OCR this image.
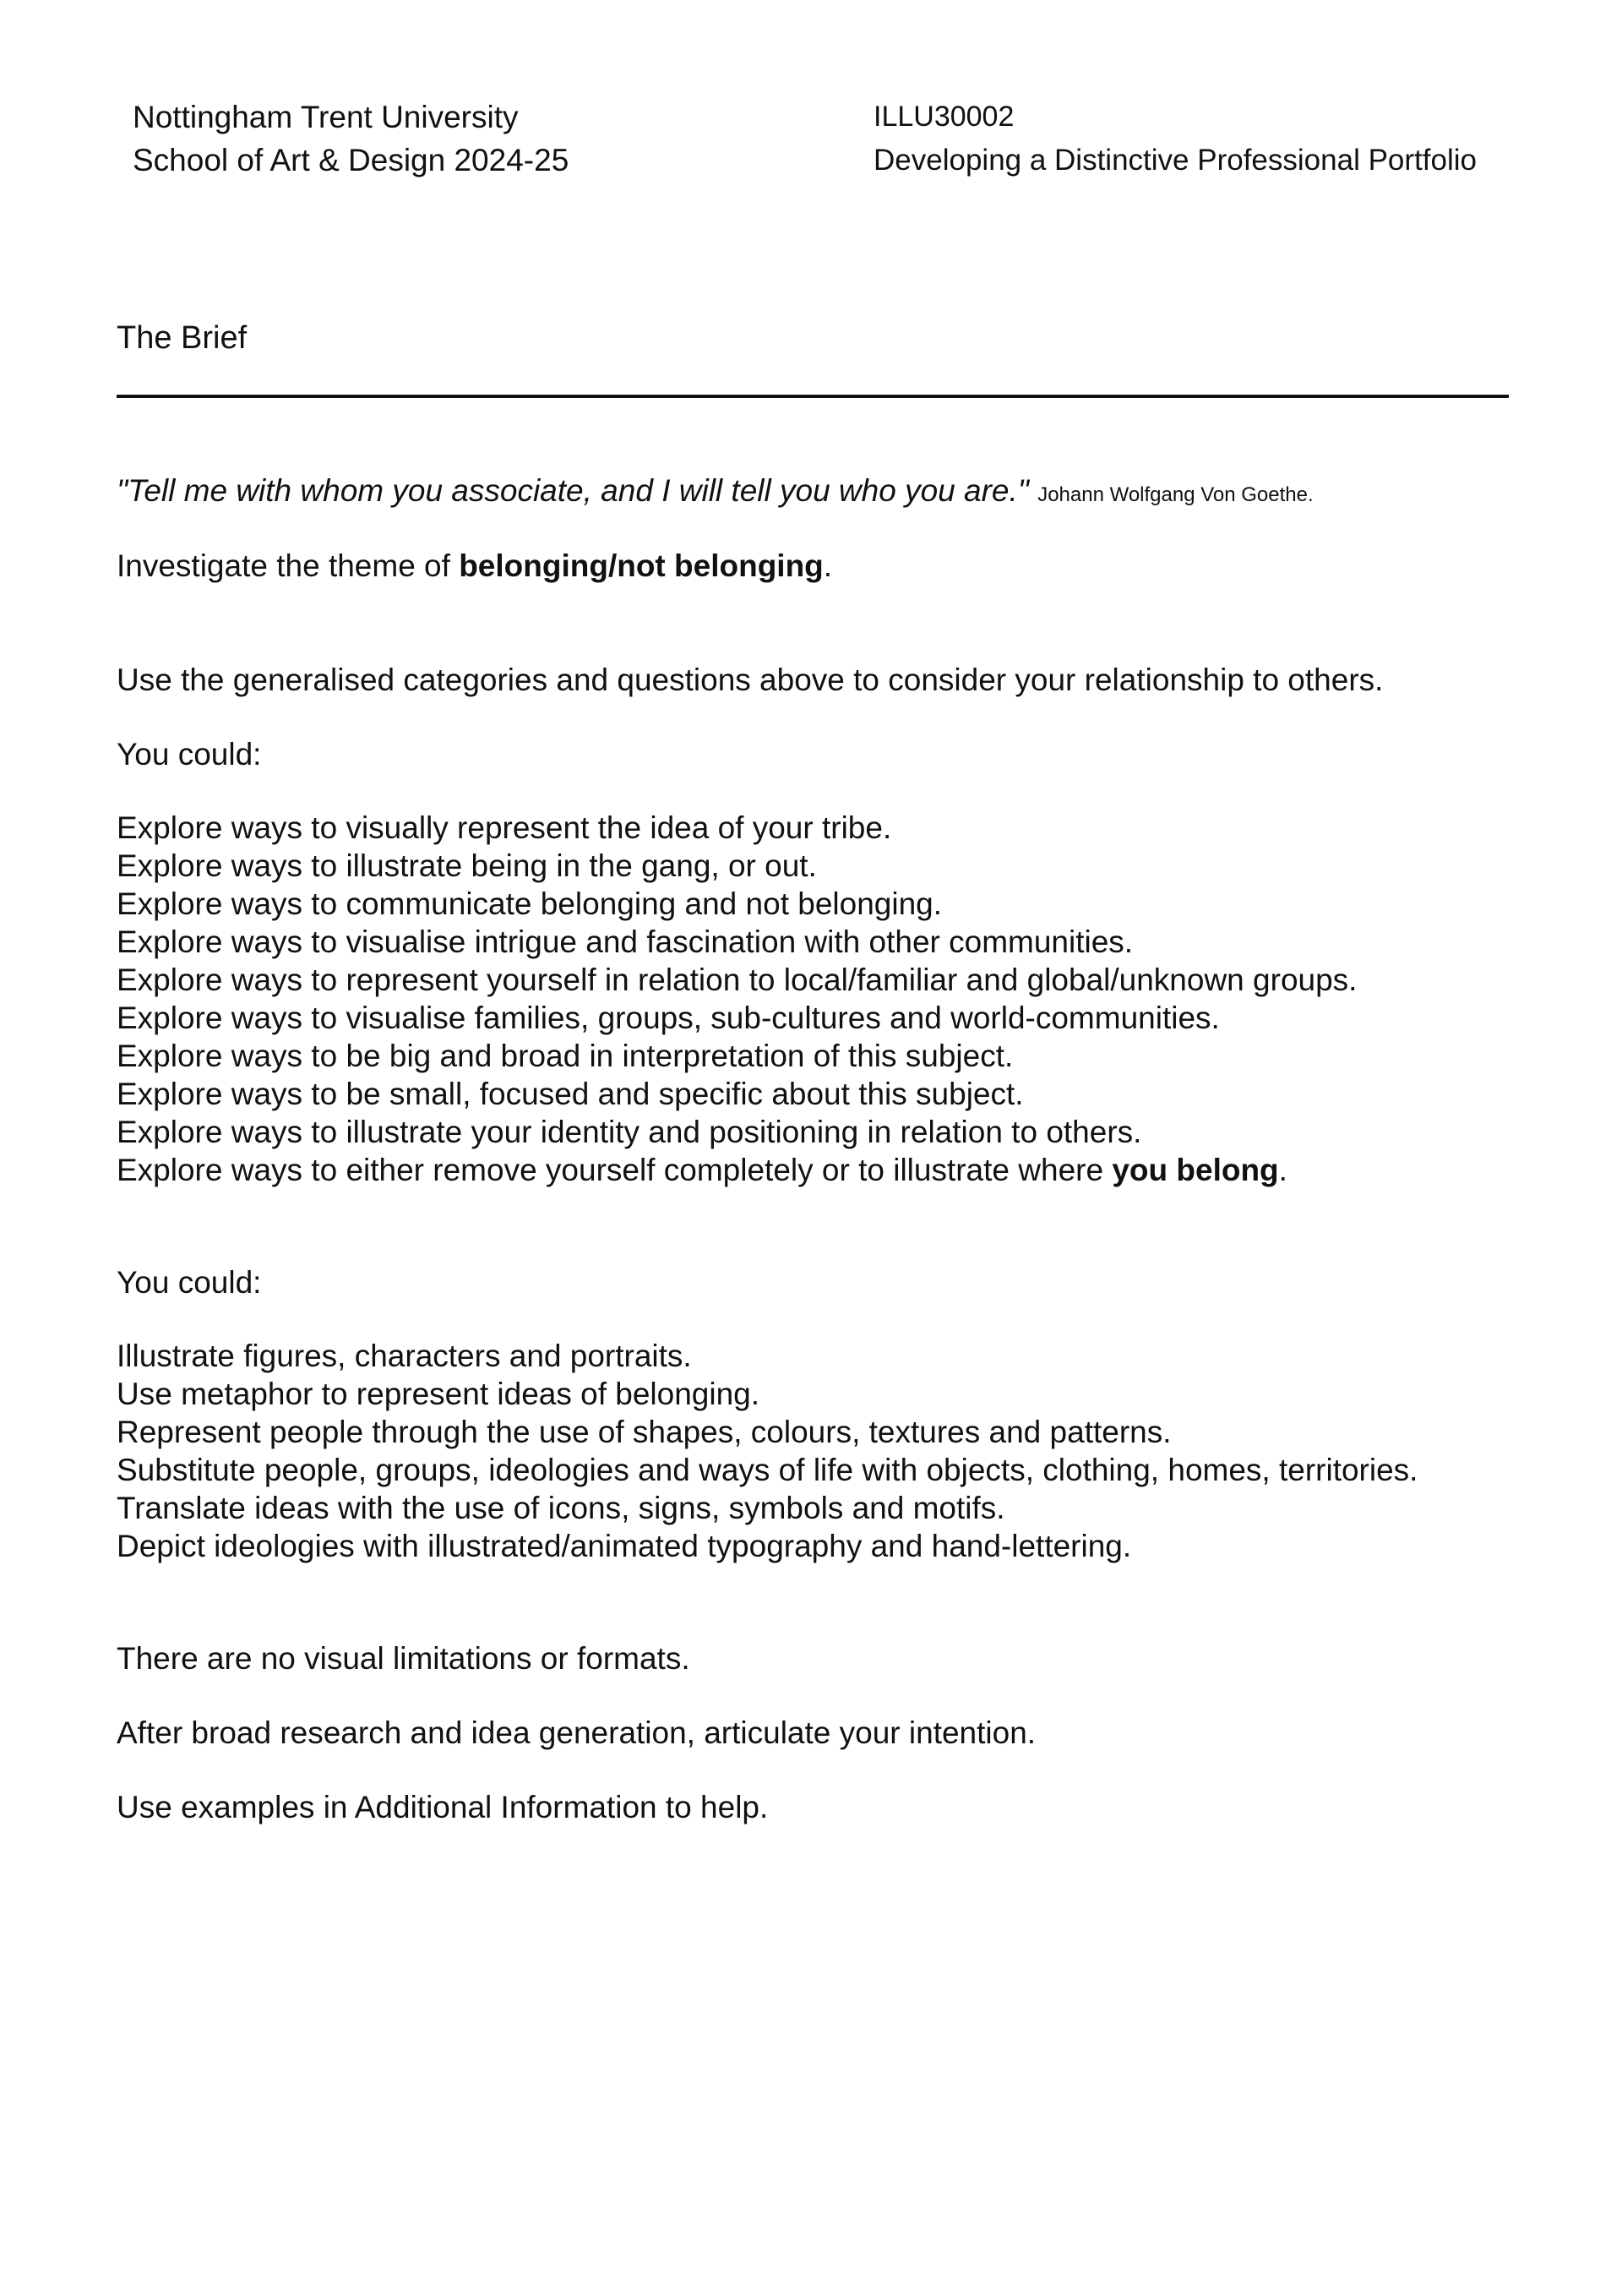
Nottingham Trent University
School of Art & Design 2024-25
ILLU30002
Developing a Distinctive Professional Portfolio
The Brief
"Tell me with whom you associate, and I will tell you who you are." Johann Wolfgang Von Goethe.

Investigate the theme of belonging/not belonging.

Use the generalised categories and questions above to consider your relationship to others.

You could:

Explore ways to visually represent the idea of your tribe.
Explore ways to illustrate being in the gang, or out.
Explore ways to communicate belonging and not belonging.
Explore ways to visualise intrigue and fascination with other communities.
Explore ways to represent yourself in relation to local/familiar and global/unknown groups.
Explore ways to visualise families, groups, sub-cultures and world-communities.
Explore ways to be big and broad in interpretation of this subject.
Explore ways to be small, focused and specific about this subject.
Explore ways to illustrate your identity and positioning in relation to others.
Explore ways to either remove yourself completely or to illustrate where you belong.

You could:

Illustrate figures, characters and portraits.
Use metaphor to represent ideas of belonging.
Represent people through the use of shapes, colours, textures and patterns.
Substitute people, groups, ideologies and ways of life with objects, clothing, homes, territories.
Translate ideas with the use of icons, signs, symbols and motifs.
Depict ideologies with illustrated/animated typography and hand-lettering.

There are no visual limitations or formats.

After broad research and idea generation, articulate your intention.

Use examples in Additional Information to help.
